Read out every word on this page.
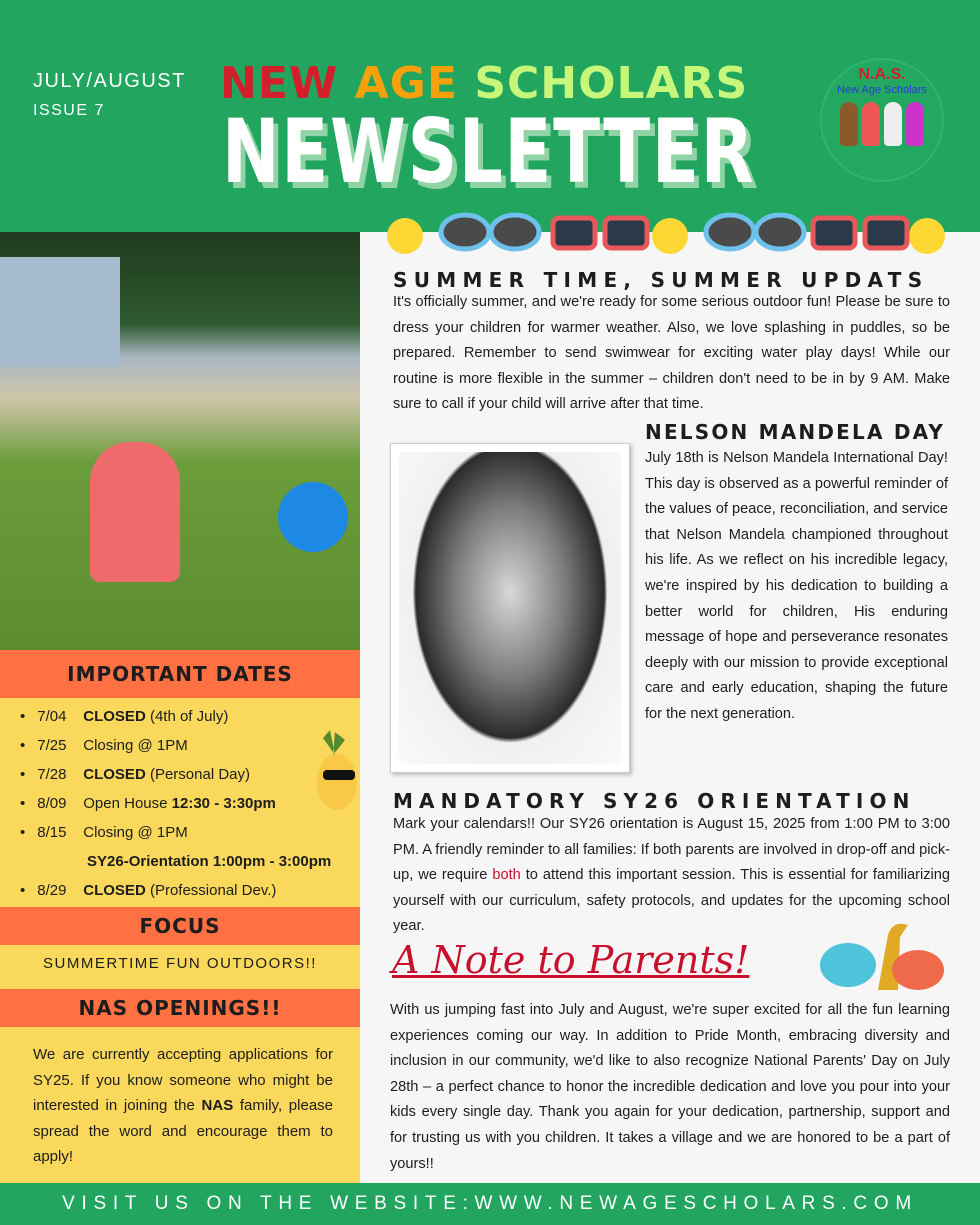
JULY/AUGUST
ISSUE 7
NEW AGE SCHOLARS
NEWSLETTER
N.A.S.
New Age Scholars
IMPORTANT DATES
• 7/04 CLOSED (4th of July)
• 7/25 Closing @ 1PM
• 7/28 CLOSED (Personal Day)
• 8/09 Open House 12:30 - 3:30pm
• 8/15 Closing @ 1PM
SY26-Orientation 1:00pm - 3:00pm
• 8/29 CLOSED (Professional Dev.)
FOCUS
SUMMERTIME FUN OUTDOORS!!
NAS OPENINGS!!

We are currently accepting applications for SY25. If you know someone who might be interested in joining the NAS family, please spread the word and encourage them to apply!

SUMMER TIME, SUMMER UPDATS

It's officially summer, and we're ready for some serious outdoor fun! Please be sure to dress your children for warmer weather. Also, we love splashing in puddles, so be prepared. Remember to send swimwear for exciting water play days! While our routine is more flexible in the summer – children don't need to be in by 9 AM. Make sure to call if your child will arrive after that time.

NELSON MANDELA DAY

July 18th is Nelson Mandela International Day! This day is observed as a powerful reminder of the values of peace, reconciliation, and service that Nelson Mandela championed throughout his life. As we reflect on his incredible legacy, we're inspired by his dedication to building a better world for children, His enduring message of hope and perseverance resonates deeply with our mission to provide exceptional care and early education, shaping the future for the next generation.

MANDATORY SY26 ORIENTATION

Mark your calendars!! Our SY26 orientation is August 15, 2025 from 1:00 PM to 3:00 PM. A friendly reminder to all families: If both parents are involved in drop-off and pick-up, we require both to attend this important session. This is essential for familiarizing yourself with our curriculum, safety protocols, and updates for the upcoming school year.

A Note to Parents!

With us jumping fast into July and August, we're super excited for all the fun learning experiences coming our way. In addition to Pride Month, embracing diversity and inclusion in our community, we'd like to also recognize National Parents' Day on July 28th – a perfect chance to honor the incredible dedication and love you pour into your kids every single day. Thank you again for your dedication, partnership, support and for trusting us with you children. It takes a village and we are honored to be a part of yours!!

VISIT US ON THE WEBSITE:WWW.NEWAGESCHOLARS.COM
